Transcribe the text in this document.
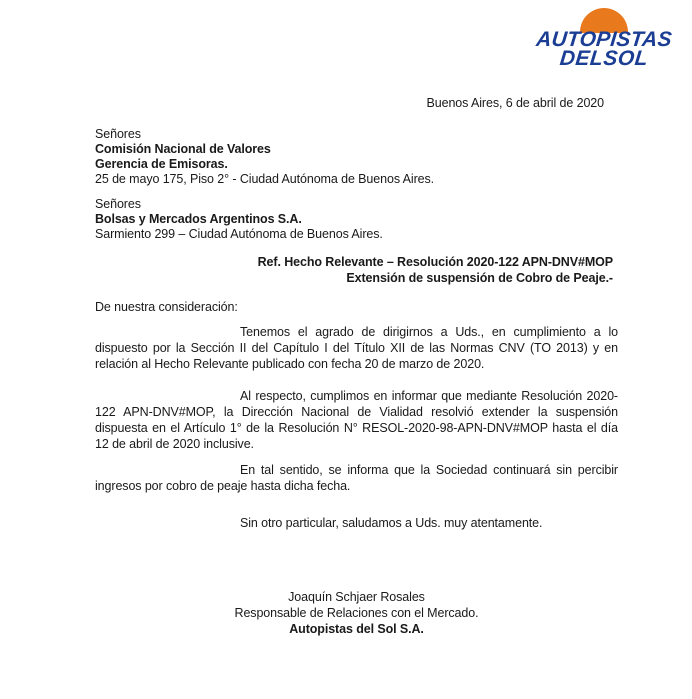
AUTOPISTAS
DELSOL
Buenos Aires, 6 de abril de 2020
Señores
Comisión Nacional de Valores
Gerencia de Emisoras.
25 de mayo 175, Piso 2° - Ciudad Autónoma de Buenos Aires.
Señores
Bolsas y Mercados Argentinos S.A.
Sarmiento 299 – Ciudad Autónoma de Buenos Aires.
Ref. Hecho Relevante – Resolución 2020-122 APN-DNV#MOP
Extensión de suspensión de Cobro de Peaje.-
De nuestra consideración:

Tenemos el agrado de dirigirnos a Uds., en cumplimiento a lo dispuesto por la Sección II del Capítulo I del Título XII de las Normas CNV (TO 2013) y en relación al Hecho Relevante publicado con fecha 20 de marzo de 2020.

Al respecto, cumplimos en informar que mediante Resolución 2020-122 APN-DNV#MOP, la Dirección Nacional de Vialidad resolvió extender la suspensión dispuesta en el Artículo 1° de la Resolución N° RESOL-2020-98-APN-DNV#MOP hasta el día 12 de abril de 2020 inclusive.

En tal sentido, se informa que la Sociedad continuará sin percibir ingresos por cobro de peaje hasta dicha fecha.

Sin otro particular, saludamos a Uds. muy atentamente.
Joaquín Schjaer Rosales
Responsable de Relaciones con el Mercado.
Autopistas del Sol S.A.
